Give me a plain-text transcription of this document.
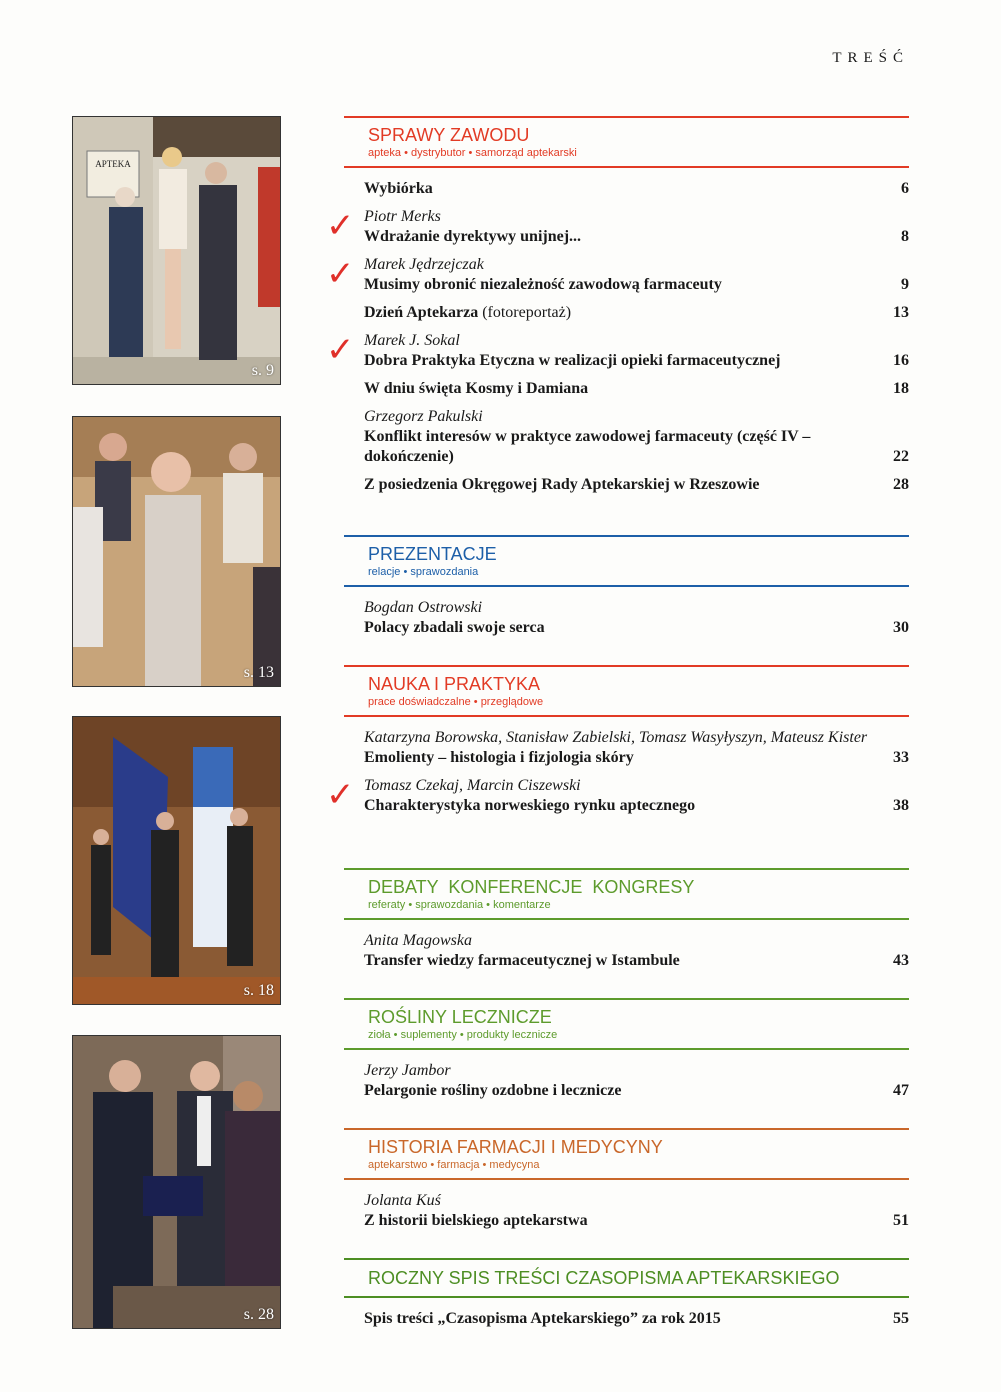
TREŚĆ
APTEKA
s. 9
s. 13
s. 18
s. 28
SPRAWY ZAWODU
apteka • dystrybutor • samorząd aptekarski
Wybiórka	6
✓ Piotr Merks
Wdrażanie dyrektywy unijnej...	8
✓ Marek Jędrzejczak
Musimy obronić niezależność zawodową farmaceuty	9
Dzień Aptekarza (fotoreportaż)	13
✓ Marek J. Sokal
Dobra Praktyka Etyczna w realizacji opieki farmaceutycznej	16
W dniu święta Kosmy i Damiana	18
Grzegorz Pakulski
Konflikt interesów w praktyce zawodowej farmaceuty (część IV – dokończenie)	22
Z posiedzenia Okręgowej Rady Aptekarskiej w Rzeszowie	28
PREZENTACJE
relacje • sprawozdania
Bogdan Ostrowski
Polacy zbadali swoje serca	30
NAUKA I PRAKTYKA
prace doświadczalne • przeglądowe
Katarzyna Borowska, Stanisław Zabielski, Tomasz Wasyłyszyn, Mateusz Kister
Emolienty – histologia i fizjologia skóry	33
✓ Tomasz Czekaj, Marcin Ciszewski
Charakterystyka norweskiego rynku aptecznego	38
DEBATY  KONFERENCJE  KONGRESY
referaty • sprawozdania • komentarze
Anita Magowska
Transfer wiedzy farmaceutycznej w Istambule	43
ROŚLINY LECZNICZE
zioła • suplementy • produkty lecznicze
Jerzy Jambor
Pelargonie rośliny ozdobne i lecznicze	47
HISTORIA FARMACJI I MEDYCYNY
aptekarstwo • farmacja • medycyna
Jolanta Kuś
Z historii bielskiego aptekarstwa	51
ROCZNY SPIS TREŚCI CZASOPISMA APTEKARSKIEGO
Spis treści „Czasopisma Aptekarskiego” za rok 2015	55
